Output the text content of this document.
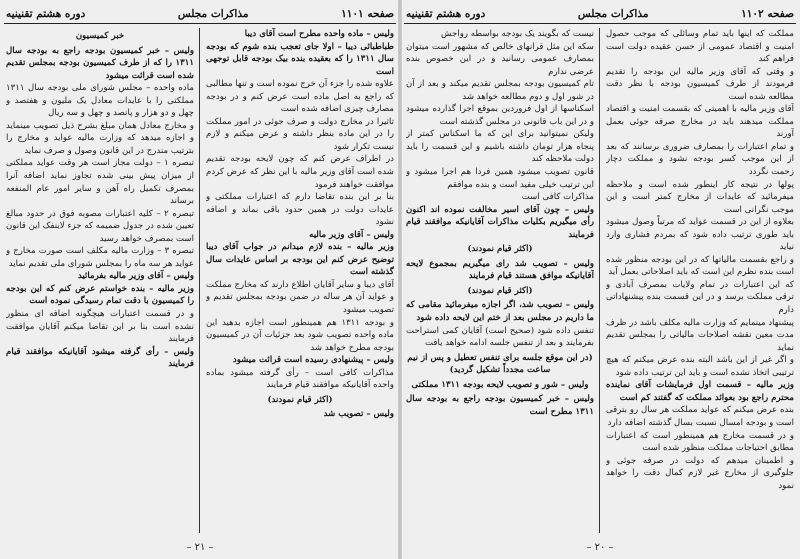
صفحه ۱۱۰۱
مذاکرات مجلس
دوره هشتم تقنینیه

ولیس – ماده واحده مطرح است آقای دیبا

طباطبائی دیبا – اولا جای تعجب بنده شوم که بودجه سال ۱۳۱۱ را که بعقیده بنده بیک بودجه قابل توجهی است

علاوه شده را جزء آن خرج نموده است و تنها مطالبی که راجع به اصل ماده است عرض کنم و در بودجه مصارف چیزی اضافه شده است

تاثیرا در مخارج دولت و صرف جوئی در امور مملکت را در این ماده بنظر داشته و عرض میکنم و لازم نیست تکرار شود

در اطراف عرض کنم که چون لایحه بودجه تقدیم شده است آقای وزیر مالیه با این نظر که عرض کردم موافقت خواهند فرمود

بنا بر این بنده تقاضا دارم که اعتبارات مملکتی و عایدات دولت در همین حدود باقی بماند و اضافه نشود

ولیس – آقای وزیر مالیه

وزیر مالیه – بنده لازم میدانم در جواب آقای دیبا توضیح عرض کنم این بودجه بر اساس عایدات سال گذشته است

آقای دیبا و سایر آقایان اطلاع دارند که مخارج مملکت و عواید آن هر ساله در ضمن بودجه بمجلس تقدیم و تصویب میشود

و بودجه ۱۳۱۱ هم همینطور است اجازه بدهید این ماده واحده تصویب شود بعد جزئیات آن در کمیسیون بودجه مطرح خواهد شد

ولیس – پیشنهادی رسیده است قرائت میشود

مذاکرات کافی است – رأی گرفته میشود بماده واحده آقایانیکه موافقند قیام فرمایند

(اکثر قیام نمودند)

ولیس – تصویب شد

خبر کمیسیون

ولیس – خبر کمیسیون بودجه راجع به بودجه سال ۱۳۱۱ را که از طرف کمیسیون بودجه بمجلس تقدیم شده است قرائت میشود

ماده واحده – مجلس شورای ملی بودجه سال ۱۳۱۱ مملکتی را با عایدات معادل یک ملیون و هفتصد و چهل و دو هزار و پانصد و چهل و سه ریال

و مخارج معادل همان مبلغ بشرح ذیل تصویب مینماید و اجازه میدهد که وزارت مالیه عواید و مخارج را بترتیب مندرج در این قانون وصول و صرف نماید

تبصره ۱ – دولت مجاز است هر وقت عواید مملکتی از میزان پیش بینی شده تجاوز نماید اضافه آنرا بمصرف تکمیل راه آهن و سایر امور عام المنفعه برساند

تبصره ۲ – کلیه اعتبارات مصوبه فوق در حدود مبالغ تعیین شده در جدول ضمیمه که جزء لاینفک این قانون است بمصرف خواهد رسید

تبصره ۳ – وزارت مالیه مکلف است صورت مخارج و عواید هر سه ماه را بمجلس شورای ملی تقدیم نماید

ولیس – آقای وزیر مالیه بفرمائید

وزیر مالیه – بنده خواستم عرض کنم که این بودجه را کمیسیون با دقت تمام رسیدگی نموده است

و در قسمت اعتبارات هیچگونه اضافه ای منظور نشده است بنا بر این تقاضا میکنم آقایان موافقت فرمایند

ولیس – رأی گرفته میشود آقایانیکه موافقند قیام فرمایند

– ۲۱ –
صفحه ۱۱۰۲
مذاکرات مجلس
دوره هشتم تقنینیه

مملکت که اینها باید تمام وسائلی که موجب حصول امنیت و اقتصاد عمومی از حسن عقیده دولت است فراهم کند

و وقتی که آقای وزیر مالیه این بودجه را تقدیم فرمودند از طرف کمیسیون بودجه با نظر دقت مطالعه شده است

آقای وزیر مالیه با اهمیتی که بقسمت امنیت و اقتصاد مملکت میدهند باید در مخارج صرفه جوئی بعمل آورند

و تمام اعتبارات را بمصارف ضروری برسانند که بعد از این موجب کسر بودجه نشود و مملکت دچار زحمت نگردد

پولها در نتیجه کار اینطور شده است و ملاحظه میفرمائید که عایدات از مخارج کمتر است و این موجب نگرانی است

بعلاوه از این در قسمت عواید که مرتباً وصول میشود باید طوری ترتیب داده شود که بمردم فشاری وارد نیاید

و راجع بقسمت مالیاتها که در این بودجه منظور شده است بنده نظرم این است که باید اصلاحاتی بعمل آید

که این اعتبارات در تمام ولایات بمصرف آبادی و ترقی مملکت برسد و در این قسمت بنده پیشنهاداتی دارم

پیشنهاد مینمایم که وزارت مالیه مکلف باشد در ظرف مدت معین نقشه اصلاحات مالیاتی را بمجلس تقدیم نماید

و اگر غیر از این باشد البته بنده عرض میکنم که هیچ ترتیبی اتخاذ نشده است و باید این ترتیب داده شود

وزیر مالیه – قسمت اول فرمایشات آقای نماینده محترم راجع بود بعوائد مملکت که گفتند کم است

بنده عرض میکنم که عواید مملکت هر سال رو بترقی است و بودجه امسال نسبت بسال گذشته اضافه دارد

و در قسمت مخارج هم همینطور است که اعتبارات مطابق احتیاجات مملکت منظور شده است

و اطمینان میدهم که دولت در صرفه جوئی و جلوگیری از مخارج غیر لازم کمال دقت را خواهد نمود

نیست که بگویند یک بودجه بواسطه رواجش

سکه این مثل قرانهای خالص که مشهور است میتوان بمصارف عمومی رسانید و در این خصوص بنده عرضی ندارم

تام کمیسیون بودجه بمجلس تقدیم میکند و بعد از آن در شور اول و دوم مطالعه خواهد شد

اسکناسها از اول فروردین بموقع اجرا گذارده میشود و در این باب قانونی در مجلس گذشته است

ولیکن نمیتوانید برای این که ما اسکناس کمتر از پنجاه هزار تومان داشته باشیم و این قسمت را باید دولت ملاحظه کند

قانون تصویب میشود همین فردا هم اجرا میشود و این ترتیب خیلی مفید است و بنده موافقم

مذاکرات کافی است

ولیس – چون آقای اسیر مخالفت نموده اند اکنون رأی میگیریم بکلیات مذاکرات آقایانیکه موافقند قیام فرمایند

(اکثر قیام نمودند)

ولیس – تصویب شد رای میگیریم بمجموع لایحه آقایانیکه موافق هستند قیام فرمایند

(اکثر قیام نمودند)

ولیس – تصویب شد، اگر اجازه میفرمائید مقامی که ما داریم در مجلس بعد از ختم این لایحه داده شود

تنفس داده شود (صحیح است) آقایان کمی استراحت بفرمایند و بعد از تنفس جلسه ادامه خواهد یافت

(در این موقع جلسه برای تنفس تعطیل و پس از نیم ساعت مجدداً تشکیل گردید)

ولیس – شور و تصویب لایحه بودجه ۱۳۱۱ مملکتی

ولیس – خبر کمیسیون بودجه راجع به بودجه سال ۱۳۱۱ مطرح است

– ۲۰ –
